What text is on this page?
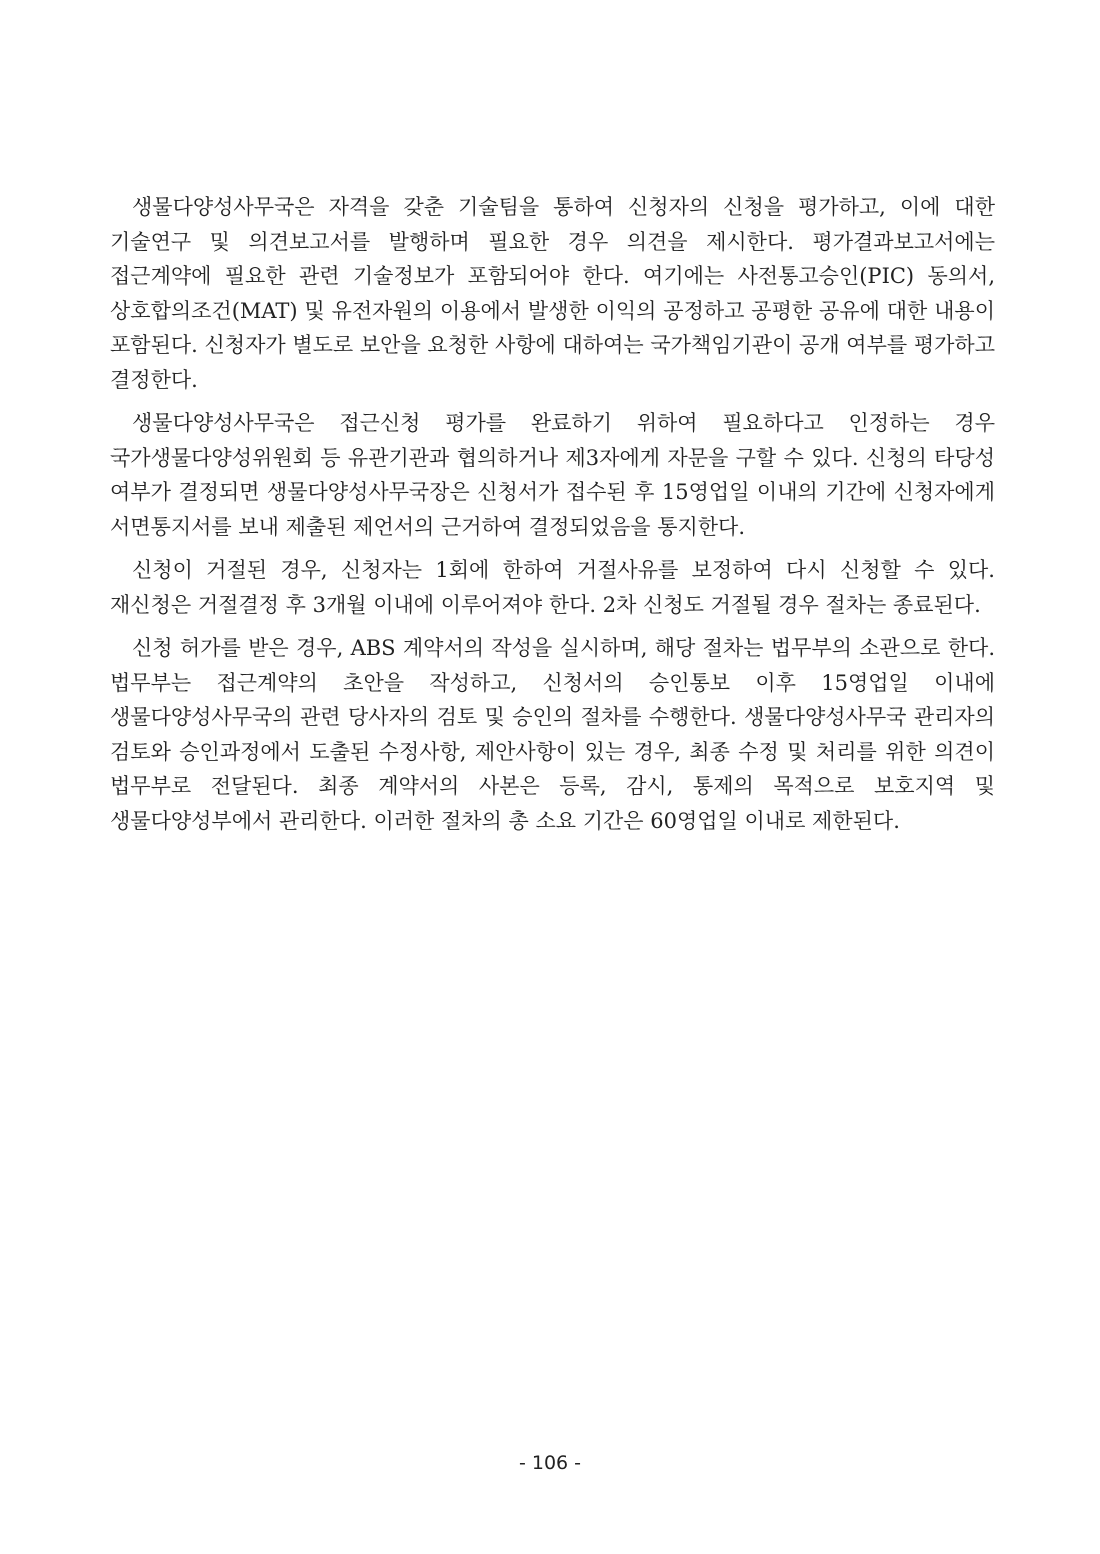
생물다양성사무국은 자격을 갖춘 기술팀을 통하여 신청자의 신청을 평가하고, 이에 대한 기술연구 및 의견보고서를 발행하며 필요한 경우 의견을 제시한다. 평가결과보고서에는 접근계약에 필요한 관련 기술정보가 포함되어야 한다. 여기에는 사전통고승인(PIC) 동의서, 상호합의조건(MAT) 및 유전자원의 이용에서 발생한 이익의 공정하고 공평한 공유에 대한 내용이 포함된다. 신청자가 별도로 보안을 요청한 사항에 대하여는 국가책임기관이 공개 여부를 평가하고 결정한다.

생물다양성사무국은 접근신청 평가를 완료하기 위하여 필요하다고 인정하는 경우 국가생물다양성위원회 등 유관기관과 협의하거나 제3자에게 자문을 구할 수 있다. 신청의 타당성 여부가 결정되면 생물다양성사무국장은 신청서가 접수된 후 15영업일 이내의 기간에 신청자에게 서면통지서를 보내 제출된 제언서의 근거하여 결정되었음을 통지한다.

신청이 거절된 경우, 신청자는 1회에 한하여 거절사유를 보정하여 다시 신청할 수 있다. 재신청은 거절결정 후 3개월 이내에 이루어져야 한다. 2차 신청도 거절될 경우 절차는 종료된다.

신청 허가를 받은 경우, ABS 계약서의 작성을 실시하며, 해당 절차는 법무부의 소관으로 한다. 법무부는 접근계약의 초안을 작성하고, 신청서의 승인통보 이후 15영업일 이내에 생물다양성사무국의 관련 당사자의 검토 및 승인의 절차를 수행한다. 생물다양성사무국 관리자의 검토와 승인과정에서 도출된 수정사항, 제안사항이 있는 경우, 최종 수정 및 처리를 위한 의견이 법무부로 전달된다. 최종 계약서의 사본은 등록, 감시, 통제의 목적으로 보호지역 및 생물다양성부에서 관리한다. 이러한 절차의 총 소요 기간은 60영업일 이내로 제한된다.

- 106 -
